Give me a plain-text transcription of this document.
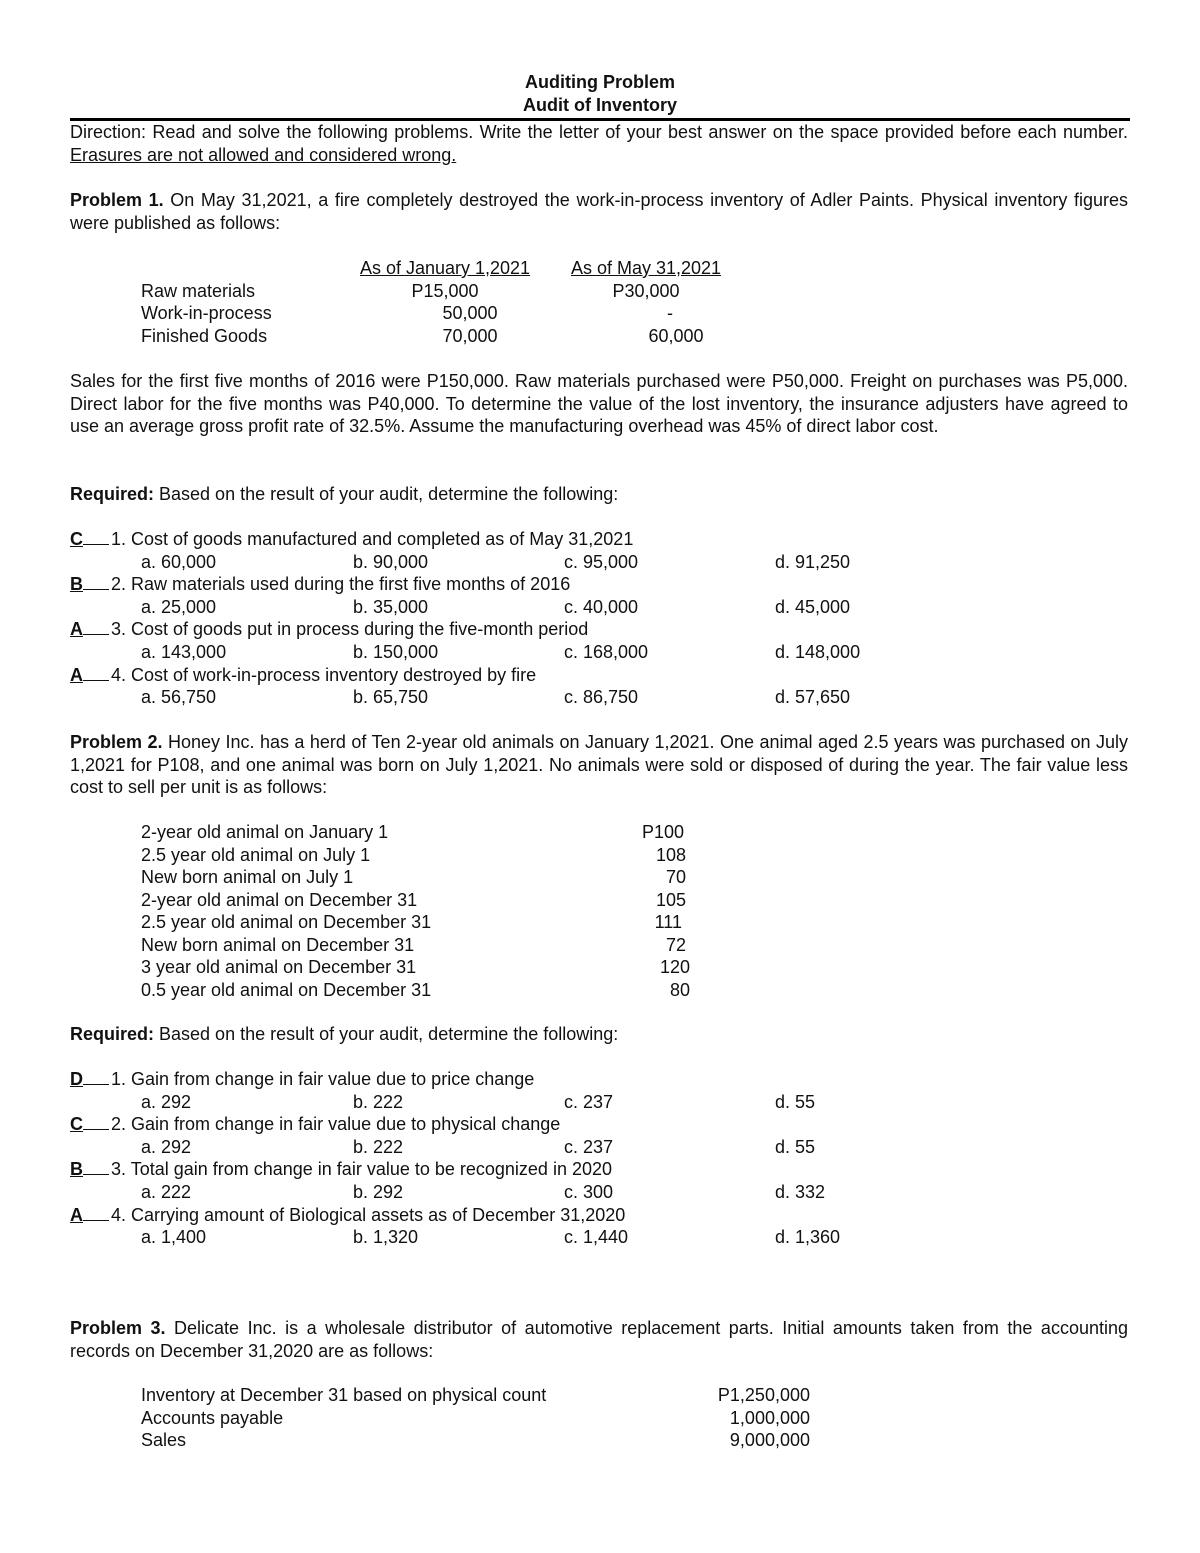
Auditing Problem
Audit of Inventory
Direction: Read and solve the following problems. Write the letter of your best answer on the space provided before each number. Erasures are not allowed and considered wrong.
Problem 1. On May 31,2021, a fire completely destroyed the work-in-process inventory of Adler Paints. Physical inventory figures were published as follows:
As of January 1,2021	As of May 31,2021
Raw materials	P15,000	P30,000
Work-in-process	50,000	-
Finished Goods	70,000	60,000
Sales for the first five months of 2016 were P150,000. Raw materials purchased were P50,000. Freight on purchases was P5,000. Direct labor for the five months was P40,000. To determine the value of the lost inventory, the insurance adjusters have agreed to use an average gross profit rate of 32.5%. Assume the manufacturing overhead was 45% of direct labor cost.
Required: Based on the result of your audit, determine the following:
C 1. Cost of goods manufactured and completed as of May 31,2021
a. 60,000	b. 90,000	c. 95,000	d. 91,250
B 2. Raw materials used during the first five months of 2016
a. 25,000	b. 35,000	c. 40,000	d. 45,000
A 3. Cost of goods put in process during the five-month period
a. 143,000	b. 150,000	c. 168,000	d. 148,000
A 4. Cost of work-in-process inventory destroyed by fire
a. 56,750	b. 65,750	c. 86,750	d. 57,650
Problem 2. Honey Inc. has a herd of Ten 2-year old animals on January 1,2021. One animal aged 2.5 years was purchased on July 1,2021 for P108, and one animal was born on July 1,2021. No animals were sold or disposed of during the year. The fair value less cost to sell per unit is as follows:
2-year old animal on January 1	P100
2.5 year old animal on July 1	108
New born animal on July 1	70
2-year old animal on December 31	105
2.5 year old animal on December 31	111
New born animal on December 31	72
3 year old animal on December 31	120
0.5 year old animal on December 31	80
Required: Based on the result of your audit, determine the following:
D 1. Gain from change in fair value due to price change
a. 292	b. 222	c. 237	d. 55
C 2. Gain from change in fair value due to physical change
a. 292	b. 222	c. 237	d. 55
B 3. Total gain from change in fair value to be recognized in 2020
a. 222	b. 292	c. 300	d. 332
A 4. Carrying amount of Biological assets as of December 31,2020
a. 1,400	b. 1,320	c. 1,440	d. 1,360
Problem 3. Delicate Inc. is a wholesale distributor of automotive replacement parts. Initial amounts taken from the accounting records on December 31,2020 are as follows:
Inventory at December 31 based on physical count	P1,250,000
Accounts payable	1,000,000
Sales	9,000,000
